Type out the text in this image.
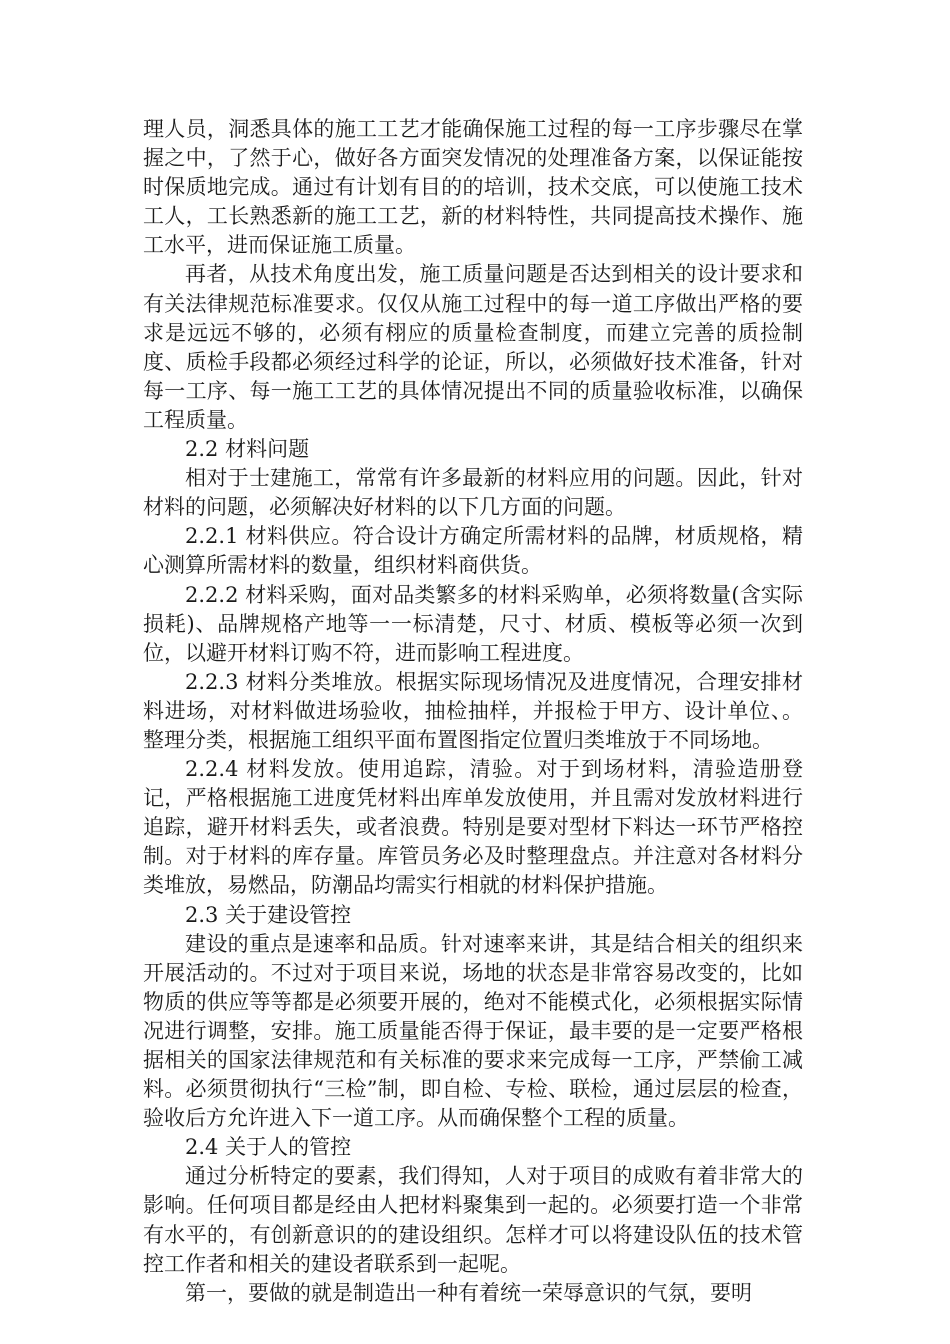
理人员，洞悉具体的施工工艺才能确保施工过程的每一工序步骤尽在掌握之中，了然于心，做好各方面突发情况的处理准备方案，以保证能按时保质地完成。通过有计划有目的的培训，技术交底，可以使施工技术工人，工长熟悉新的施工工艺，新的材料特性，共同提高技术操作、施工水平，进而保证施工质量。

再者，从技术角度出发，施工质量问题是否达到相关的设计要求和有关法律规范标准要求。仅仅从施工过程中的每一道工序做出严格的要求是远远不够的，必须有栩应的质量检查制度，而建立完善的质捡制度、质检手段都必须经过科学的论证，所以，必须做好技术准备，针对每一工序、每一施工工艺的具体情况提出不同的质量验收标准，以确保工程质量。

2.2 材料问题

相对于士建施工，常常有许多最新的材料应用的问题。因此，针对材料的问题，必须解决好材料的以下几方面的问题。

2.2.1 材料供应。符合设计方确定所需材料的品牌，材质规格，精心测算所需材料的数量，组织材料商供货。

2.2.2 材料采购，面对品类繁多的材料采购单，必须将数量(含实际损耗)、品牌规格产地等一一标清楚，尺寸、材质、模板等必须一次到位，以避开材料订购不符，进而影响工程进度。

2.2.3 材料分类堆放。根据实际现场情况及进度情况，合理安排材料进场，对材料做进场验收，抽检抽样，并报检于甲方、设计单位、。整理分类，根据施工组织平面布置图指定位置归类堆放于不同场地。

2.2.4 材料发放。使用追踪，清验。对于到场材料，清验造册登记，严格根据施工进度凭材料出库单发放使用，并且需对发放材料进行追踪，避开材料丢失，或者浪费。特别是要对型材下料达一环节严格控制。对于材料的库存量。库管员务必及时整理盘点。并注意对各材料分类堆放，易燃品，防潮品均需实行相就的材料保护措施。

2.3 关于建设管控

建设的重点是速率和品质。针对速率来讲，其是结合相关的组织来开展活动的。不过对于项目来说，场地的状态是非常容易改变的，比如物质的供应等等都是必须要开展的，绝对不能模式化，必须根据实际情况进行调整，安排。施工质量能否得于保证，最丰要的是一定要严格根据相关的国家法律规范和有关标准的要求来完成每一工序，严禁偷工减料。必须贯彻执行“三检”制，即自检、专检、联检，通过层层的检查，验收后方允许进入下一道工序。从而确保整个工程的质量。

2.4 关于人的管控

通过分析特定的要素，我们得知，人对于项目的成败有着非常大的影响。任何项目都是经由人把材料聚集到一起的。必须要打造一个非常有水平的，有创新意识的的建设组织。怎样才可以将建设队伍的技术管控工作者和相关的建设者联系到一起呢。

第一，要做的就是制造出一种有着统一荣辱意识的气氛，要明
